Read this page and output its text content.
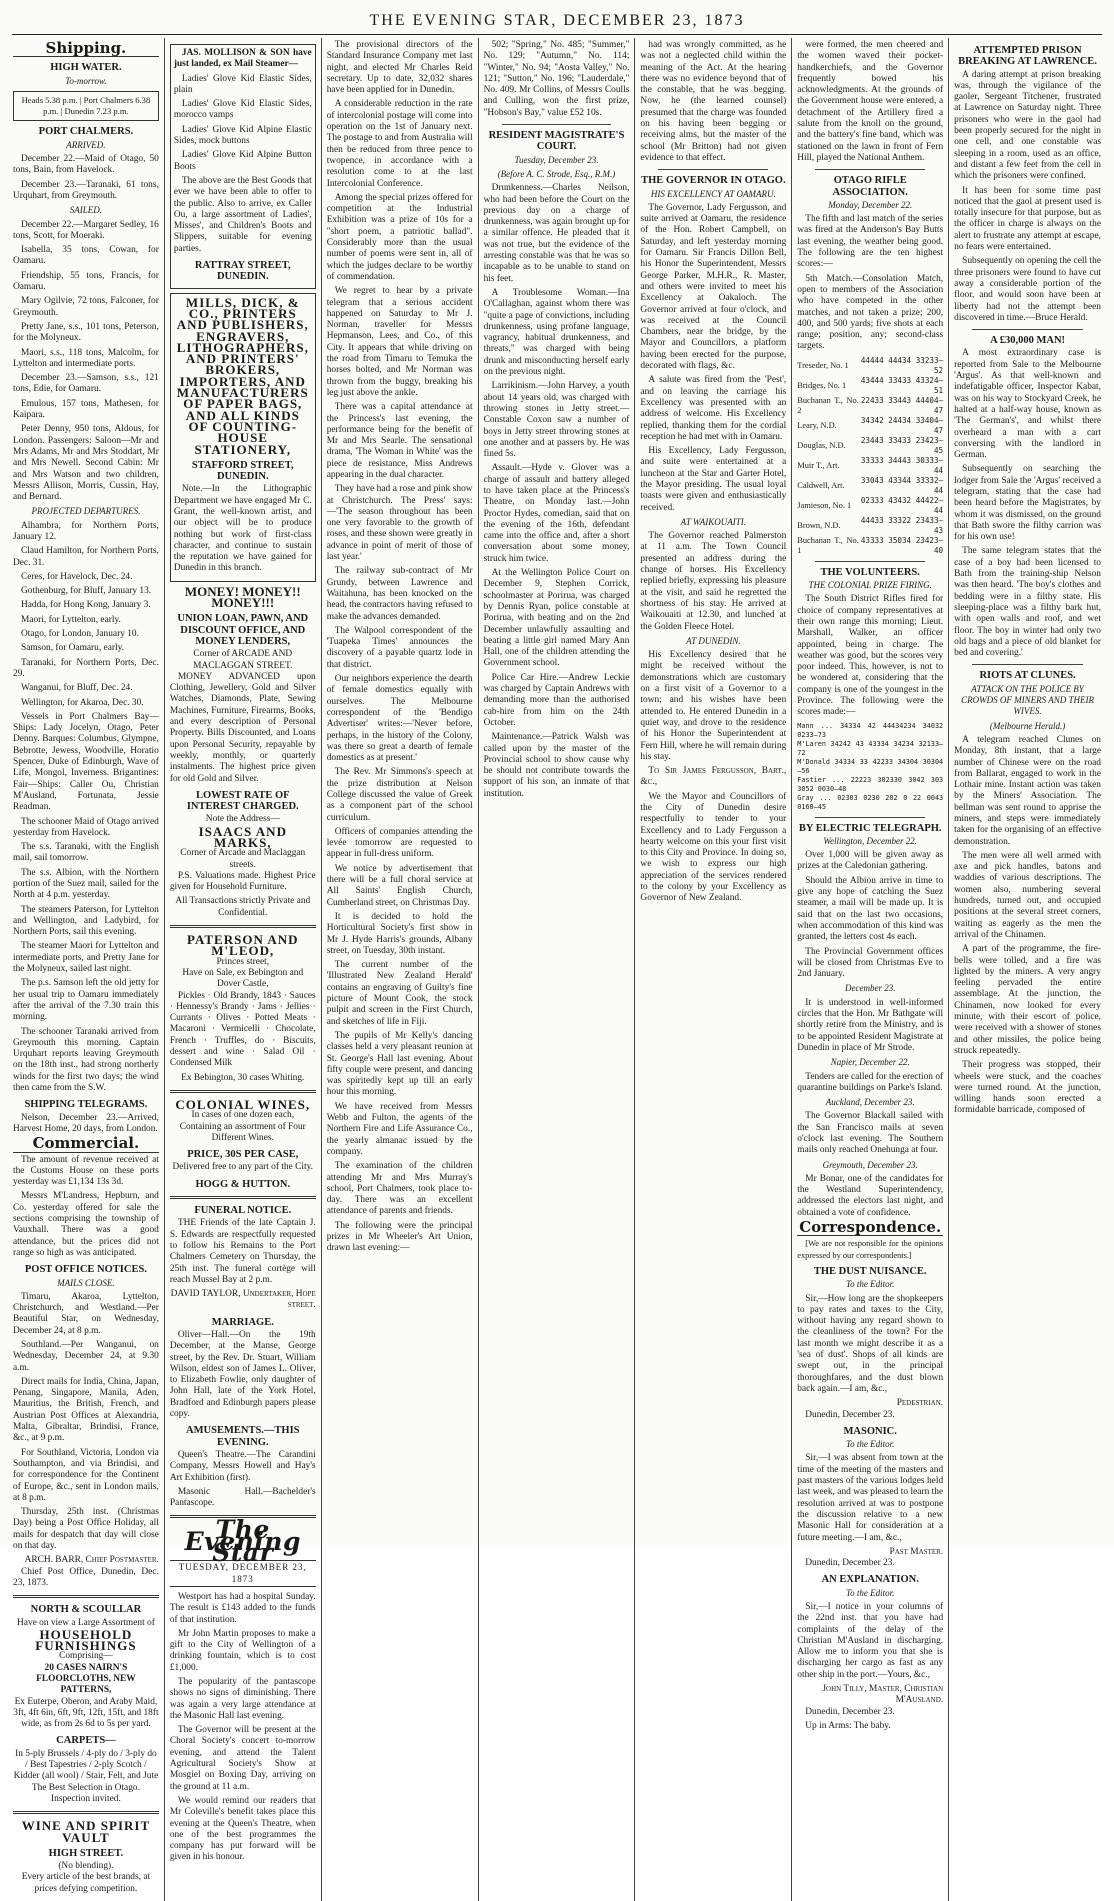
THE EVENING STAR, DECEMBER 23, 1873
Shipping.
HIGH WATER.
To-morrow.
Heads 5.38 p.m. | Port Chalmers 6.38 p.m. | Dunedin 7.23 p.m.
PORT CHALMERS.
ARRIVED.

December 22.—Maid of Otago, 50 tons, Bain, from Havelock.

December 23.—Taranaki, 61 tons, Urquhart, from Greymouth.

SAILED.

December 22.—Margaret Sedley, 16 tons, Scott, for Moeraki.

Isabella, 35 tons, Cowan, for Oamaru.

Friendship, 55 tons, Francis, for Oamaru.

Mary Ogilvie, 72 tons, Falconer, for Greymouth.

Pretty Jane, s.s., 101 tons, Peterson, for the Molyneux.

Maori, s.s., 118 tons, Malcolm, for Lyttelton and intermediate ports.

December 23.—Samson, s.s., 121 tons, Edie, for Oamaru.

Emulous, 157 tons, Mathesen, for Kaipara.

Peter Denny, 950 tons, Aldous, for London. Passengers: Saloon—Mr and Mrs Adams, Mr and Mrs Stoddart, Mr and Mrs Newell. Second Cabin: Mr and Mrs Watson and two children, Messrs Allison, Morris, Cussin, Hay, and Bernard.

PROJECTED DEPARTURES.

Alhambra, for Northern Ports, January 12.

Claud Hamilton, for Northern Ports, Dec. 31.

Ceres, for Havelock, Dec. 24.

Gothenburg, for Bluff, January 13.

Hadda, for Hong Kong, January 3.

Maori, for Lyttelton, early.

Otago, for London, January 10.

Samson, for Oamaru, early.

Taranaki, for Northern Ports, Dec. 29.

Wanganui, for Bluff, Dec. 24.

Wellington, for Akaroa, Dec. 30.

Vessels in Port Chalmers Bay—Ships: Lady Jocelyn, Otago, Peter Denny. Barques: Columbus, Glympne, Bebrotte, Jewess, Woodville, Horatio Spencer, Duke of Edinburgh, Wave of Life, Mongol, Inverness. Brigantines: Fair—Ships: Caller Ou, Christian M'Ausland, Fortunata, Jessie Readman.

The schooner Maid of Otago arrived yesterday from Havelock.

The s.s. Taranaki, with the English mail, sail tomorrow.

The s.s. Albion, with the Northern portion of the Suez mail, sailed for the North at 4 p.m. yesterday.

The steamers Paterson, for Lyttelton and Wellington, and Ladybird, for Northern Ports, sail this evening.

The steamer Maori for Lyttelton and intermediate ports, and Pretty Jane for the Molyneux, sailed last night.

The p.s. Samson left the old jetty for her usual trip to Oamaru immediately after the arrival of the 7.30 train this morning.

The schooner Taranaki arrived from Greymouth this morning. Captain Urquhart reports leaving Greymouth on the 18th inst., had strong northerly winds for the first two days; the wind then came from the S.W.

SHIPPING TELEGRAMS.

Nelson, December 23.—Arrived, Harvest Home, 20 days, from London.

Commercial.

The amount of revenue received at the Customs House on these ports yesterday was £1,134 13s 3d.

Messrs M'Landress, Hepburn, and Co. yesterday offered for sale the sections comprising the township of Vauxhall. There was a good attendance, but the prices did not range so high as was anticipated.

POST OFFICE NOTICES.
MAILS CLOSE.

Timaru, Akaroa, Lyttelton, Christchurch, and Westland.—Per Beautiful Star, on Wednesday, December 24, at 8 p.m.

Southland.—Per Wanganui, on Wednesday, December 24, at 9.30 a.m.

Direct mails for India, China, Japan, Penang, Singapore, Manila, Aden, Mauritius, the British, French, and Austrian Post Offices at Alexandria, Malta, Gibraltar, Brindisi, France, &c., at 9 p.m.

For Southland, Victoria, London via Southampton, and via Brindisi, and for correspondence for the Continent of Europe, &c., sent in London mails, at 8 p.m.

Thursday, 25th inst. (Christmas Day) being a Post Office Holiday, all mails for despatch that day will close on that day.

ARCH. BARR, Chief Postmaster.

Chief Post Office, Dunedin, Dec. 23, 1873.

NORTH & SCOULLAR
Have on view a Large Assortment of
HOUSEHOLD FURNISHINGS
Comprising—
20 CASES NAIRN'S FLOORCLOTHS, NEW PATTERNS,
Ex Euterpe, Oberon, and Araby Maid, 3ft, 4ft 6in, 6ft, 9ft, 12ft, 15ft, and 18ft wide, as from 2s 6d to 5s per yard.
CARPETS—
In 5-ply Brussels / 4-ply do / 3-ply do / Best Tapestries / 2-ply Scotch / Kidder (all wool) / Stair, Felt, and Jute
The Best Selection in Otago.
Inspection invited.
WINE AND SPIRIT VAULT
HIGH STREET.
(No blending).
Every article of the best brands, at prices defying competition.

JAS. MOLLISON & SON have just landed, ex Mail Steamer—

Ladies' Glove Kid Elastic Sides, plain

Ladies' Glove Kid Elastic Sides, morocco vamps

Ladies' Glove Kid Alpine Elastic Sides, mock buttons

Ladies' Glove Kid Alpine Button Boots

The above are the Best Goods that ever we have been able to offer to the public. Also to arrive, ex Caller Ou, a large assortment of Ladies', Misses', and Children's Boots and Slippers, suitable for evening parties.

RATTRAY STREET, DUNEDIN.
MILLS, DICK, & CO., PRINTERS AND PUBLISHERS, ENGRAVERS, LITHOGRAPHERS, AND PRINTERS' BROKERS, IMPORTERS, AND MANUFACTURERS OF PAPER BAGS, AND ALL KINDS OF COUNTING-HOUSE STATIONERY,
STAFFORD STREET, DUNEDIN.

Note.—In the Lithographic Department we have engaged Mr C. Grant, the well-known artist, and our object will be to produce nothing but work of first-class character, and continue to sustain the reputation we have gained for Dunedin in this branch.

MONEY! MONEY!! MONEY!!!
UNION LOAN, PAWN, AND DISCOUNT OFFICE, AND MONEY LENDERS,
Corner of ARCADE AND MACLAGGAN STREET.

MONEY ADVANCED upon Clothing, Jewellery, Gold and Silver Watches, Diamonds, Plate, Sewing Machines, Furniture, Firearms, Books, and every description of Personal Property. Bills Discounted, and Loans upon Personal Security, repayable by weekly, monthly, or quarterly instalments. The highest price given for old Gold and Silver.

LOWEST RATE OF INTEREST CHARGED.
Note the Address—
ISAACS AND MARKS,
Corner of Arcade and Maclaggan streets.

P.S. Valuations made. Highest Price given for Household Furniture.

All Transactions strictly Private and Confidential.
PATERSON AND M'LEOD,
Princes street,
Have on Sale, ex Bebington and Dover Castle,

Pickles · Old Brandy, 1843 · Sauces · Hennessy's Brandy · Jams · Jellies · Currants · Olives · Potted Meats · Macaroni · Vermicelli · Chocolate, French · Truffles, do · Biscuits, dessert and wine · Salad Oil · Condensed Milk

Ex Bebington, 30 cases Whiting.
COLONIAL WINES,
In cases of one dozen each,
Containing an assortment of Four Different Wines.
PRICE, 30S PER CASE,
Delivered free to any part of the City.
HOGG & HUTTON.
FUNERAL NOTICE.

THE Friends of the late Captain J. S. Edwards are respectfully requested to follow his Remains to the Port Chalmers Cemetery on Thursday, the 25th inst. The funeral cortège will reach Mussel Bay at 2 p.m.

DAVID TAYLOR, Undertaker, Hope street.
MARRIAGE.

Oliver—Hall.—On the 19th December, at the Manse, George street, by the Rev. Dr. Stuart, William Wilson, eldest son of James L. Oliver, to Elizabeth Fowlie, only daughter of John Hall, late of the York Hotel, Bradford and Edinburgh papers please copy.

AMUSEMENTS.—THIS EVENING.

Queen's Theatre.—The Carandini Company, Messrs Howell and Hay's Art Exhibition (first).

Masonic Hall.—Bachelder's Pantascope.

The Evening Star
TUESDAY, DECEMBER 23, 1873

Westport has had a hospital Sunday. The result is £143 added to the funds of that institution.

Mr John Martin proposes to make a gift to the City of Wellington of a drinking fountain, which is to cost £1,000.

The popularity of the pantascope shows no signs of diminishing. There was again a very large attendance at the Masonic Hall last evening.

The Governor will be present at the Choral Society's concert to-morrow evening, and attend the Talent Agricultural Society's Show at Mosgiel on Boxing Day, arriving on the ground at 11 a.m.

We would remind our readers that Mr Coleville's benefit takes place this evening at the Queen's Theatre, when one of the best programmes the company has put forward will be given in his honour.

The provisional directors of the Standard Insurance Company met last night, and elected Mr Charles Reid secretary. Up to date, 32,032 shares have been applied for in Dunedin.

A considerable reduction in the rate of intercolonial postage will come into operation on the 1st of January next. The postage to and from Australia will then be reduced from three pence to twopence, in accordance with a resolution come to at the last Intercolonial Conference.

Among the special prizes offered for competition at the Industrial Exhibition was a prize of 10s for a "short poem, a patriotic ballad". Considerably more than the usual number of poems were sent in, all of which the judges declare to be worthy of commendation.

We regret to hear by a private telegram that a serious accident happened on Saturday to Mr J. Norman, traveller for Messrs Hepmanson, Lees, and Co., of this City. It appears that while driving on the road from Timaru to Temuka the horses bolted, and Mr Norman was thrown from the buggy, breaking his leg just above the ankle.

There was a capital attendance at the Princess's last evening, the performance being for the benefit of Mr and Mrs Searle. The sensational drama, 'The Woman in White' was the piece de resistance, Miss Andrews appearing in the dual character.

They have had a rose and pink show at Christchurch. The Press' says:—'The season throughout has been one very favorable to the growth of roses, and these shown were greatly in advance in point of merit of those of last year.'

The railway sub-contract of Mr Grundy, between Lawrence and Waitahuna, has been knocked on the head, the contractors having refused to make the advances demanded.

The Walpool correspondent of the 'Tuapeka Times' announces the discovery of a payable quartz lode in that district.

Our neighbors experience the dearth of female domestics equally with ourselves. The Melbourne correspondent of the 'Bendigo Advertiser' writes:—'Never before, perhaps, in the history of the Colony, was there so great a dearth of female domestics as at present.'

The Rev. Mr Simmons's speech at the prize distribution at Nelson College discussed the value of Greek as a component part of the school curriculum.

Officers of companies attending the levée tomorrow are requested to appear in full-dress uniform.

We notice by advertisement that there will be a full choral service at All Saints' English Church, Cumberland street, on Christmas Day.

It is decided to hold the Horticultural Society's first show in Mr J. Hyde Harris's grounds, Albany street, on Tuesday, 30th instant.

The current number of the 'Illustrated New Zealand Herald' contains an engraving of Guilty's fine picture of Mount Cook, the stock pulpit and screen in the First Church, and sketches of life in Fiji.

The pupils of Mr Kelly's dancing classes held a very pleasant reunion at St. George's Hall last evening. About fifty couple were present, and dancing was spiritedly kept up till an early hour this morning.

We have received from Messrs Webb and Fulton, the agents of the Northern Fire and Life Assurance Co., the yearly almanac issued by the company.

The examination of the children attending Mr and Mrs Murray's school, Port Chalmers, took place to-day. There was an excellent attendance of parents and friends.

The following were the principal prizes in Mr Wheeler's Art Union, drawn last evening:—

502; "Spring," No. 485; "Summer," No. 129; "Autumn," No. 114; "Winter," No. 94; "Aosta Valley," No. 121; "Sutton," No. 196; "Lauderdale," No. 409. Mr Collins, of Messrs Coulls and Culling, won the first prize, "Hobson's Bay," value £52 10s.

RESIDENT MAGISTRATE'S COURT.
Tuesday, December 23.
(Before A. C. Strode, Esq., R.M.)

Drunkenness.—Charles Neilson, who had been before the Court on the previous day on a charge of drunkenness, was again brought up for a similar offence. He pleaded that it was not true, but the evidence of the arresting constable was that he was so incapable as to be unable to stand on his feet.

A Troublesome Woman.—Ina O'Callaghan, against whom there was "quite a page of convictions, including drunkenness, using profane language, vagrancy, habitual drunkenness, and threats," was charged with being drunk and misconducting herself early on the previous night.

Larrikinism.—John Harvey, a youth about 14 years old, was charged with throwing stones in Jetty street.—Constable Coxon saw a number of boys in Jetty street throwing stones at one another and at passers by. He was fined 5s.

Assault.—Hyde v. Glover was a charge of assault and battery alleged to have taken place at the Princess's Theatre, on Monday last.—John Proctor Hydes, comedian, said that on the evening of the 16th, defendant came into the office and, after a short conversation about some money, struck him twice.

At the Wellington Police Court on December 9, Stephen Corrick, schoolmaster at Porirua, was charged by Dennis Ryan, police constable at Porirua, with beating and on the 2nd December unlawfully assaulting and beating a little girl named Mary Ann Hall, one of the children attending the Government school.

Police Car Hire.—Andrew Leckie was charged by Captain Andrews with demanding more than the authorised cab-hire from him on the 24th October.

Maintenance.—Patrick Walsh was called upon by the master of the Provincial school to show cause why he should not contribute towards the support of his son, an inmate of that institution.

had was wrongly committed, as he was not a neglected child within the meaning of the Act. At the hearing there was no evidence beyond that of the constable, that he was begging. Now, he (the learned counsel) presumed that the charge was founded on his having been begging or receiving alms, but the master of the school (Mr Britton) had not given evidence to that effect.

THE GOVERNOR IN OTAGO.
HIS EXCELLENCY AT OAMARU.

The Governor, Lady Fergusson, and suite arrived at Oamaru, the residence of the Hon. Robert Campbell, on Saturday, and left yesterday morning for Oamaru. Sir Francis Dillon Bell, his Honor the Superintendent, Messrs George Parker, M.H.R., R. Master, and others were invited to meet his Excellency at Oakaloch. The Governor arrived at four o'clock, and was received at the Council Chambers, near the bridge, by the Mayor and Councillors, a platform having been erected for the purpose, decorated with flags, &c.

A salute was fired from the 'Pest', and on leaving the carriage his Excellency was presented with an address of welcome. His Excellency replied, thanking them for the cordial reception he had met with in Oamaru.

His Excellency, Lady Fergusson, and suite were entertained at a luncheon at the Star and Garter Hotel, the Mayor presiding. The usual loyal toasts were given and enthusiastically received.

AT WAIKOUAITI.

The Governor reached Palmerston at 11 a.m. The Town Council presented an address during the change of horses. His Excellency replied briefly, expressing his pleasure at the visit, and said he regretted the shortness of his stay. He arrived at Waikouaiti at 12.30, and lunched at the Golden Fleece Hotel.

AT DUNEDIN.

His Excellency desired that he might be received without the demonstrations which are customary on a first visit of a Governor to a town; and his wishes have been attended to. He entered Dunedin in a quiet way, and drove to the residence of his Honor the Superintendent at Fern Hill, where he will remain during his stay.

To Sir James Fergusson, Bart., &c.,

We the Mayor and Councillors of the City of Dunedin desire respectfully to tender to your Excellency and to Lady Fergusson a hearty welcome on this your first visit to this City and Province. In doing so, we wish to express our high appreciation of the services rendered to the colony by your Excellency as Governor of New Zealand.

were formed, the men cheered and the women waved their pocket-handkerchiefs, and the Governor frequently bowed his acknowledgments. At the grounds of the Government house were entered, a detachment of the Artillery fired a salute from the knoll on the ground, and the battery's fine band, which was stationed on the lawn in front of Fern Hill, played the National Anthem.

OTAGO RIFLE ASSOCIATION.
Monday, December 22.

The fifth and last match of the series was fired at the Anderson's Bay Butts last evening, the weather being good. The following are the ten highest scores:—

5th Match.—Consolation Match, open to members of the Association who have competed in the other matches, and not taken a prize; 200, 400, and 500 yards; five shots at each range; position, any; second-class targets.

Treseder, No. 1	44444 44434 33233—52
Bridges, No. 1	43444 33433 43324—51
Buchanan T., No. 2	22433 33443 44404—47
Leary, N.D.	34342 24434 33404—47
Douglas, N.D.	23443 33433 23423—45
Muir T., Art.	33333 34443 30333—44
Caldwell, Art.	33043 43344 33332—44
Jamieson, No. 1	02333 43432 44422—44
Brown, N.D.	44433 33322 23433—43
Buchanan T., No. 1	43333 35034 23423—40
THE VOLUNTEERS.
THE COLONIAL PRIZE FIRING.

The South District Rifles fired for choice of company representatives at their own range this morning; Lieut. Marshall, Walker, an officer appointed, being in charge. The weather was good, but the scores very poor indeed. This, however, is not to be wondered at, considering that the company is one of the youngest in the Province. The following were the scores made:—

Mann ... 34334 42 44434234 34032 0233—73
M'Laren 34242 43 43334 34234 32133—72
M'Donald 34334 33 42233 34304 30304—56
Fastier ... 22223 302330 3042 303 3052 0030—48
Gray ... 02303 0230 202 0 22 0043 0160—45
BY ELECTRIC TELEGRAPH.
Wellington, December 22.

Over 1,000 will be given away as prizes at the Caledonian gathering.

Should the Albion arrive in time to give any hope of catching the Suez steamer, a mail will be made up. It is said that on the last two occasions, when accommodation of this kind was granted, the letters cost 4s each.

The Provincial Government offices will be closed from Christmas Eve to 2nd January.

December 23.

It is understood in well-informed circles that the Hon. Mr Bathgate will shortly retire from the Ministry, and is to be appointed Resident Magistrate at Dunedin in place of Mr Strode.

Napier, December 22.

Tenders are called for the erection of quarantine buildings on Parke's Island.

Auckland, December 23.

The Governor Blackall sailed with the San Francisco mails at seven o'clock last evening. The Southern mails only reached Onehunga at four.

Greymouth, December 23.

Mr Bonar, one of the candidates for the Westland Superintendency, addressed the electors last night, and obtained a vote of confidence.

Correspondence.

[We are not responsible for the opinions expressed by our correspondents.]

THE DUST NUISANCE.
To the Editor.

Sir,—How long are the shopkeepers to pay rates and taxes to the City, without having any regard shown to the cleanliness of the town? For the last month we might describe it as a 'sea of dust'. Shops of all kinds are swept out, in the principal thoroughfares, and the dust blown back again.—I am, &c.,

Pedestrian.

Dunedin, December 23.

MASONIC.
To the Editor.

Sir,—I was absent from town at the time of the meeting of the masters and past masters of the various lodges held last week, and was pleased to learn the resolution arrived at was to postpone the discussion relative to a new Masonic Hall for consideration at a future meeting.—I am, &c.,

Past Master.

Dunedin, December 23.

AN EXPLANATION.
To the Editor.

Sir,—I notice in your columns of the 22nd inst. that you have had complaints of the delay of the Christian M'Ausland in discharging. Allow me to inform you that she is discharging her cargo as fast as any other ship in the port.—Yours, &c.,

John Tilly, Master, Christian M'Ausland.

Dunedin, December 23.

Up in Arms: The baby.

ATTEMPTED PRISON BREAKING AT LAWRENCE.

A daring attempt at prison breaking was, through the vigilance of the gaoler, Sergeant Titchener, frustrated at Lawrence on Saturday night. Three prisoners who were in the gaol had been properly secured for the night in one cell, and one constable was sleeping in a room, used as an office, and distant a few feet from the cell in which the prisoners were confined.

It has been for some time past noticed that the gaol at present used is totally insecure for that purpose, but as the officer in charge is always on the alert to frustrate any attempt at escape, no fears were entertained.

Subsequently on opening the cell the three prisoners were found to have cut away a considerable portion of the floor, and would soon have been at liberty had not the attempt been discovered in time.—Bruce Herald.

A £30,000 MAN!

A most extraordinary case is reported from Sale to the Melbourne 'Argus'. As that well-known and indefatigable officer, Inspector Kabat, was on his way to Stockyard Creek, he halted at a half-way house, known as 'The German's', and whilst there overheard a man with a cart conversing with the landlord in German.

Subsequently on searching the lodger from Sale the 'Argus' received a telegram, stating that the case had been heard before the Magistrates, by whom it was dismissed, on the ground that Bath swore the filthy carrion was for his own use!

The same telegram states that the case of a boy had been licensed to Bath from the training-ship Nelson was then heard. 'The boy's clothes and bedding were in a filthy state. His sleeping-place was a filthy bark hut, with open walls and roof, and wet floor. The boy in winter had only two old bags and a piece of old blanket for bed and covering.'

RIOTS AT CLUNES.
ATTACK ON THE POLICE BY CROWDS OF MINERS AND THEIR WIVES.
(Melbourne Herald.)

A telegram reached Clunes on Monday, 8th instant, that a large number of Chinese were on the road from Ballarat, engaged to work in the Lothair mine. Instant action was taken by the Miners' Association. The bellman was sent round to apprise the miners, and steps were immediately taken for the organising of an effective demonstration.

The men were all well armed with axe and pick handles, batons and waddies of various descriptions. The women also, numbering several hundreds, turned out, and occupied positions at the several street corners, waiting as eagerly as the men the arrival of the Chinamen.

A part of the programme, the fire-bells were tolled, and a fire was lighted by the miners. A very angry feeling pervaded the entire assemblage. At the junction, the Chinamen, now looked for every minute, with their escort of police, were received with a shower of stones and other missiles, the police being struck repeatedly.

Their progress was stopped, their wheels were stuck, and the coaches were turned round. At the junction, willing hands soon erected a formidable barricade, composed of
